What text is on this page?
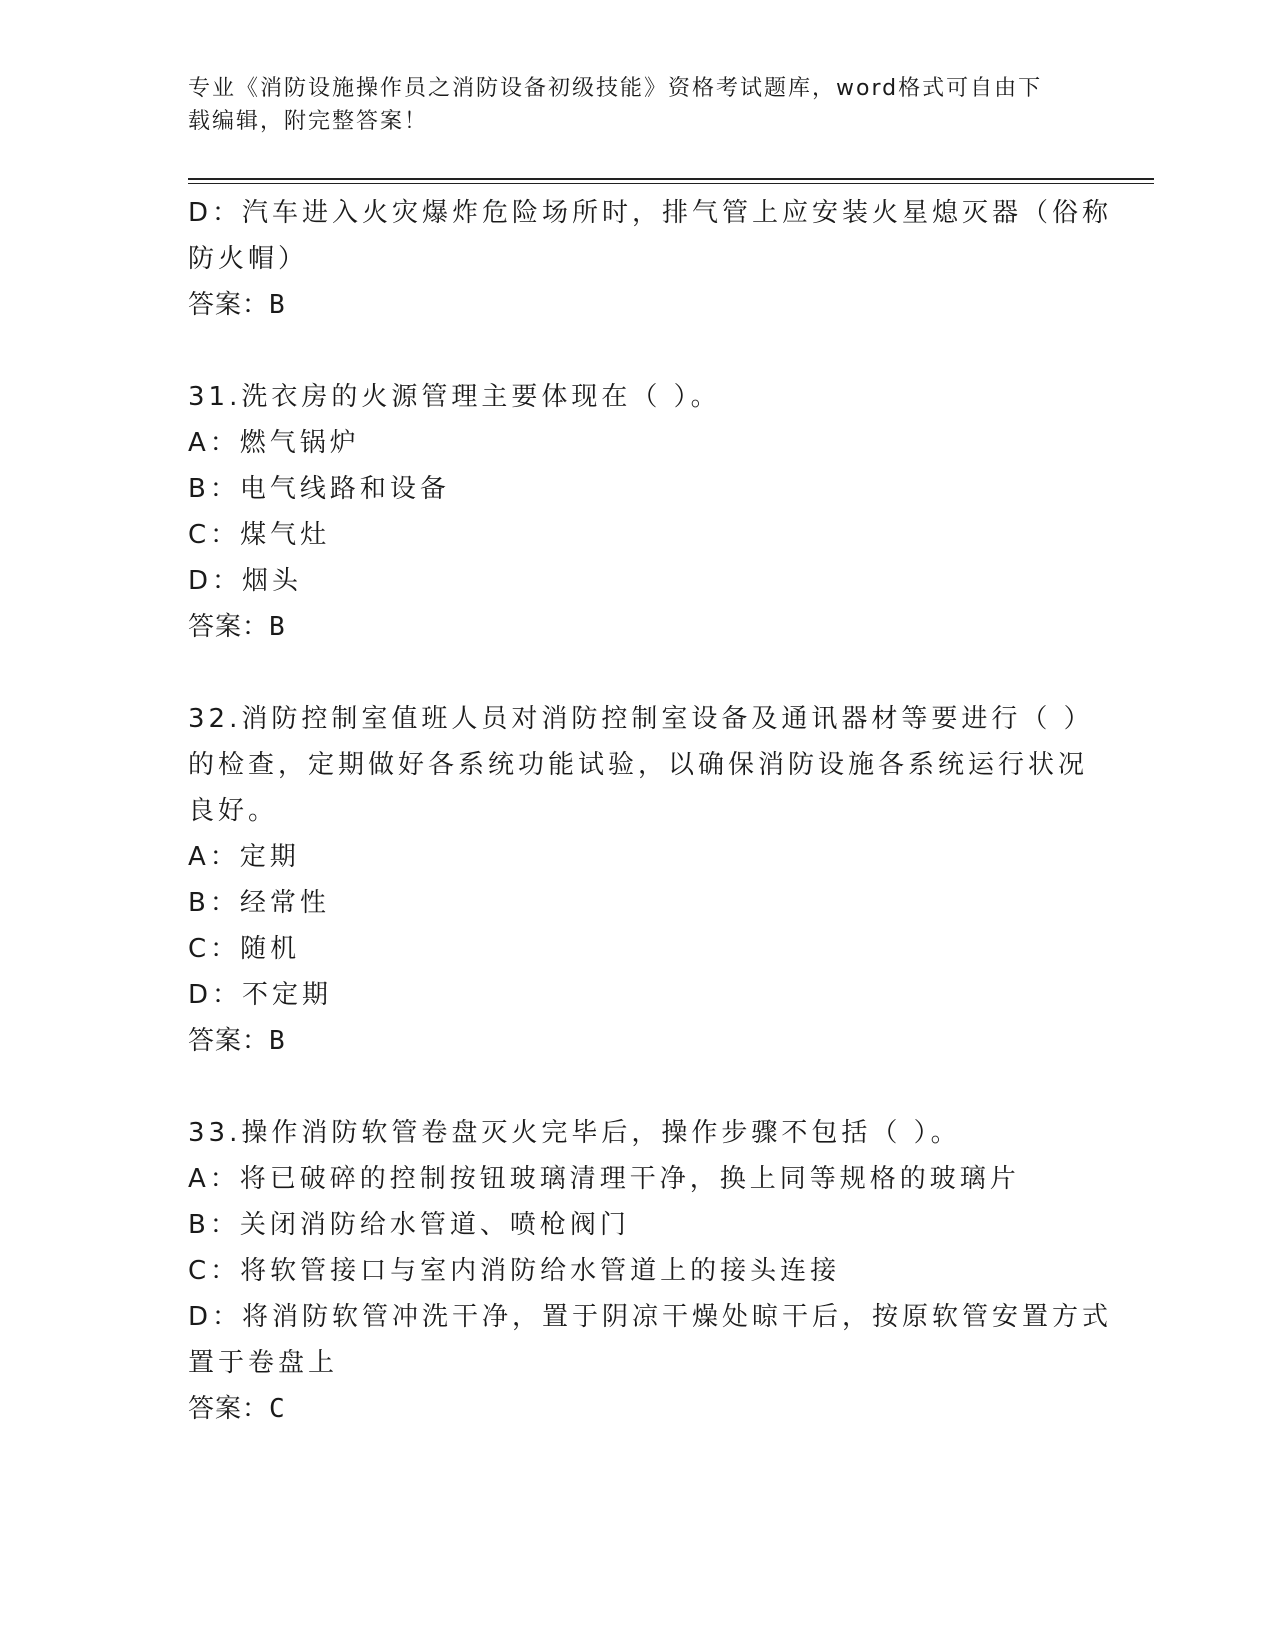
专业《消防设施操作员之消防设备初级技能》资格考试题库，word格式可自由下
载编辑，附完整答案！
D：汽车进入火灾爆炸危险场所时，排气管上应安装火星熄灭器（俗称
防火帽）
答案：B
31.洗衣房的火源管理主要体现在（ ）。
A：燃气锅炉
B：电气线路和设备
C：煤气灶
D：烟头
答案：B
32.消防控制室值班人员对消防控制室设备及通讯器材等要进行（ ）
的检查，定期做好各系统功能试验，以确保消防设施各系统运行状况
良好。
A：定期
B：经常性
C：随机
D：不定期
答案：B
33.操作消防软管卷盘灭火完毕后，操作步骤不包括（ ）。
A：将已破碎的控制按钮玻璃清理干净，换上同等规格的玻璃片
B：关闭消防给水管道、喷枪阀门
C：将软管接口与室内消防给水管道上的接头连接
D：将消防软管冲洗干净，置于阴凉干燥处晾干后，按原软管安置方式
置于卷盘上
答案：C
